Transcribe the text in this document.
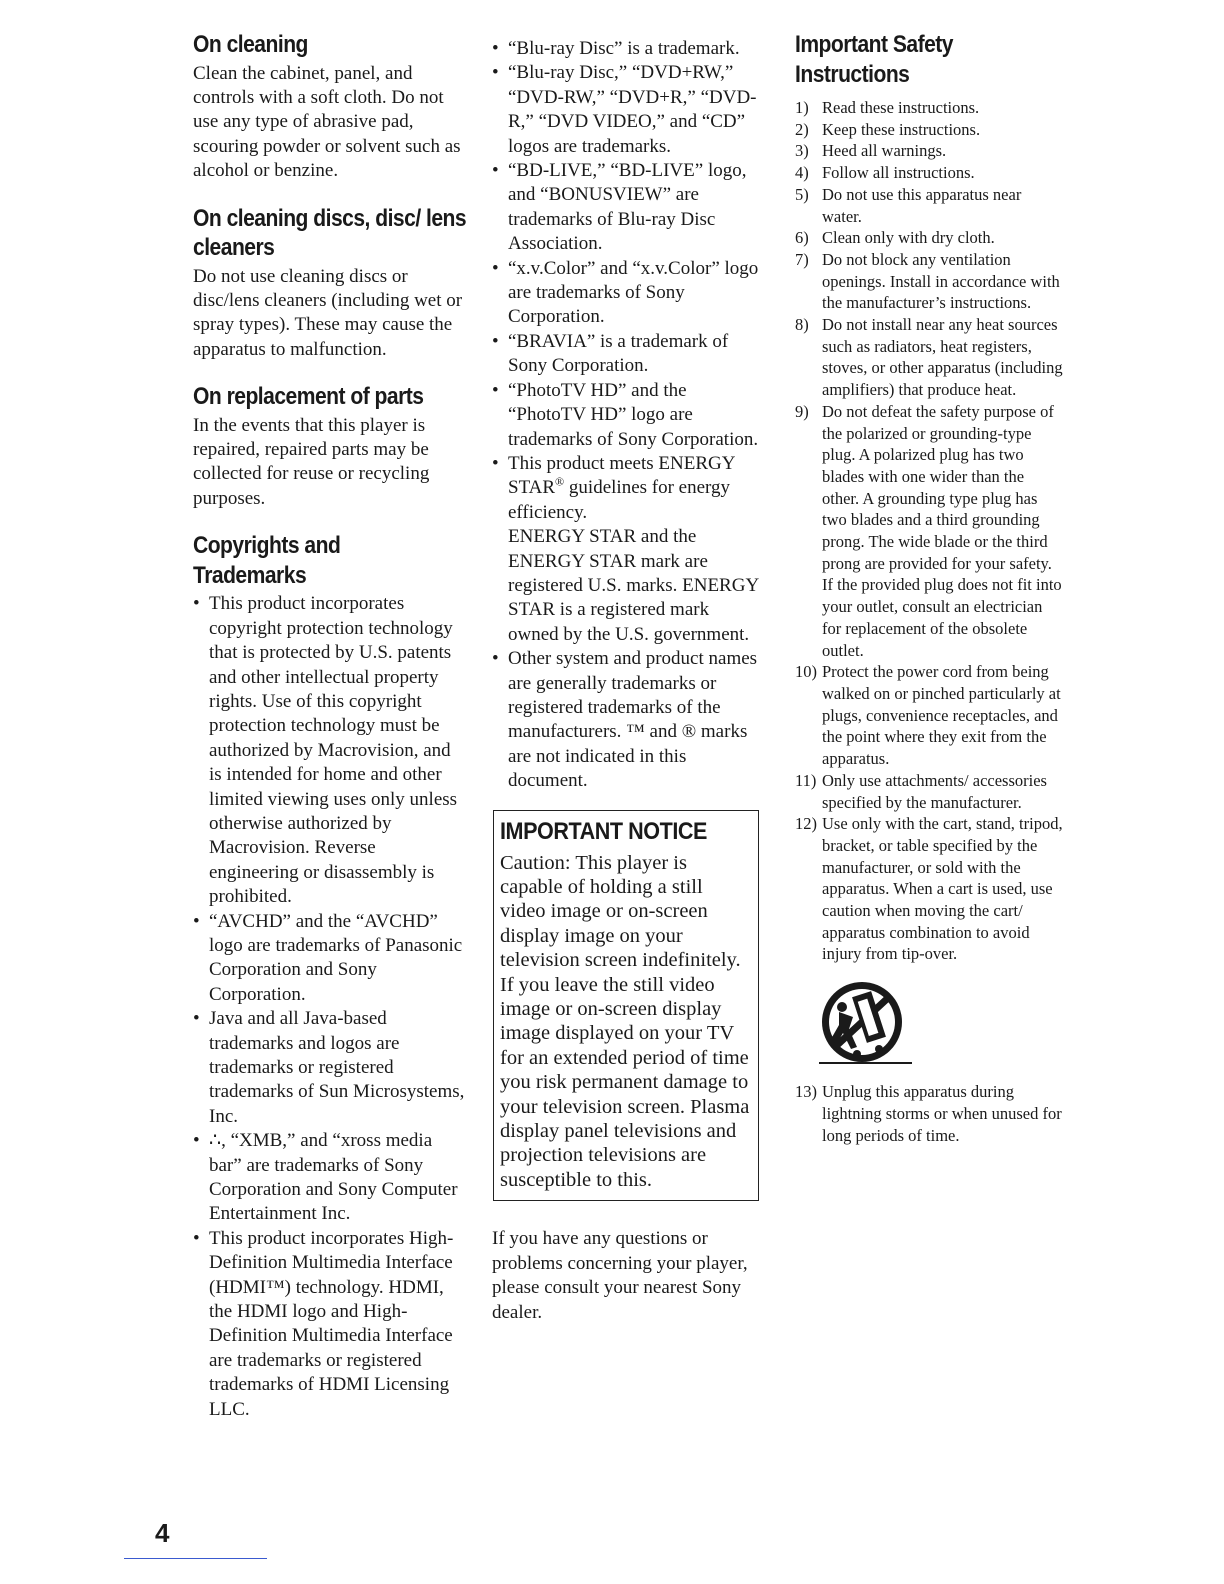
On cleaning

Clean the cabinet, panel, and controls with a soft cloth. Do not use any type of abrasive pad, scouring powder or solvent such as alcohol or benzine.

On cleaning discs, disc/ lens cleaners

Do not use cleaning discs or disc/lens cleaners (including wet or spray types). These may cause the apparatus to malfunction.

On replacement of parts

In the events that this player is repaired, repaired parts may be collected for reuse or recycling purposes.

Copyrights and Trademarks
• This product incorporates copyright protection technology that is protected by U.S. patents and other intellectual property rights. Use of this copyright protection technology must be authorized by Macrovision, and is intended for home and other limited viewing uses only unless otherwise authorized by Macrovision. Reverse engineering or disassembly is prohibited.
• “AVCHD” and the “AVCHD” logo are trademarks of Panasonic Corporation and Sony Corporation.
• Java and all Java-based trademarks and logos are trademarks or registered trademarks of Sun Microsystems, Inc.
• ∴, “XMB,” and “xross media bar” are trademarks of Sony Corporation and Sony Computer Entertainment Inc.
• This product incorporates High-Definition Multimedia Interface (HDMI™) technology. HDMI, the HDMI logo and High-Definition Multimedia Interface are trademarks or registered trademarks of HDMI Licensing LLC.
• “Blu-ray Disc” is a trademark.
• “Blu-ray Disc,” “DVD+RW,” “DVD-RW,” “DVD+R,” “DVD-R,” “DVD VIDEO,” and “CD” logos are trademarks.
• “BD-LIVE,” “BD-LIVE” logo, and “BONUSVIEW” are trademarks of Blu-ray Disc Association.
• “x.v.Color” and “x.v.Color” logo are trademarks of Sony Corporation.
• “BRAVIA” is a trademark of Sony Corporation.
• “PhotoTV HD” and the “PhotoTV HD” logo are trademarks of Sony Corporation.
• This product meets ENERGY STAR® guidelines for energy efficiency.
ENERGY STAR and the ENERGY STAR mark are registered U.S. marks. ENERGY STAR is a registered mark owned by the U.S. government.
• Other system and product names are generally trademarks or registered trademarks of the manufacturers. ™ and ® marks are not indicated in this document.
IMPORTANT NOTICE

Caution: This player is capable of holding a still video image or on-screen display image on your television screen indefinitely. If you leave the still video image or on-screen display image displayed on your TV for an extended period of time you risk permanent damage to your television screen. Plasma display panel televisions and projection televisions are susceptible to this.

If you have any questions or problems concerning your player, please consult your nearest Sony dealer.

Important Safety Instructions
1) Read these instructions.
2) Keep these instructions.
3) Heed all warnings.
4) Follow all instructions.
5) Do not use this apparatus near water.
6) Clean only with dry cloth.
7) Do not block any ventilation openings. Install in accordance with the manufacturer’s instructions.
8) Do not install near any heat sources such as radiators, heat registers, stoves, or other apparatus (including amplifiers) that produce heat.
9) Do not defeat the safety purpose of the polarized or grounding-type plug. A polarized plug has two blades with one wider than the other. A grounding type plug has two blades and a third grounding prong. The wide blade or the third prong are provided for your safety. If the provided plug does not fit into your outlet, consult an electrician for replacement of the obsolete outlet.
10) Protect the power cord from being walked on or pinched particularly at plugs, convenience receptacles, and the point where they exit from the apparatus.
11) Only use attachments/ accessories specified by the manufacturer.
12) Use only with the cart, stand, tripod, bracket, or table specified by the manufacturer, or sold with the apparatus. When a cart is used, use caution when moving the cart/ apparatus combination to avoid injury from tip-over.
13) Unplug this apparatus during lightning storms or when unused for long periods of time.
4
